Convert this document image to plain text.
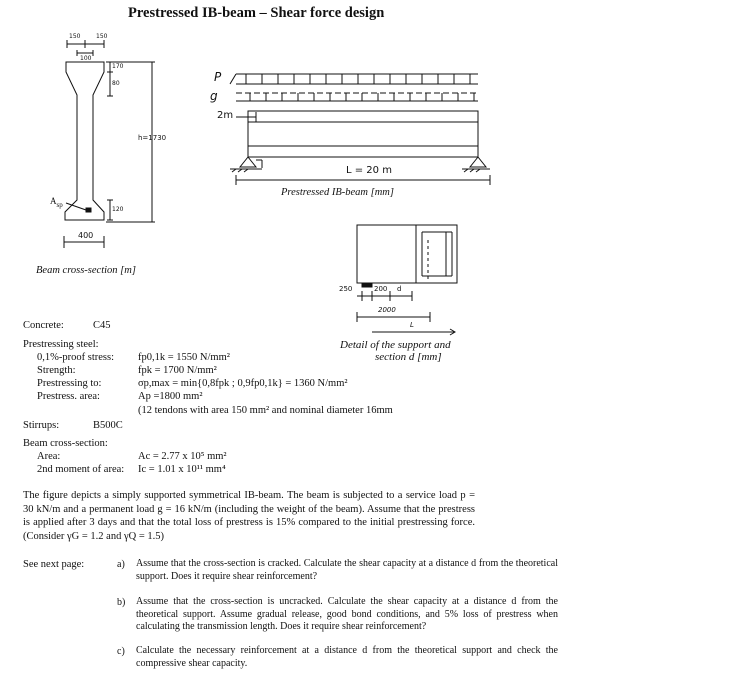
Prestressed IB-beam – Shear force design
150	150
100
170
80
h=1730
120
400
$A_{sp}$
Beam cross-section [m]
P
g
2m
L = 20 m
Prestressed IB-beam [mm]
250	200 d
2000
L
Detail of the support and
section d [mm]
Concrete:	C45
Prestressing steel:
0,1%-proof stress: fp0,1k = 1550 N/mm²
Strength:	fpk = 1700 N/mm²
Prestressing to:	σp,max = min{0,8fpk ; 0,9fp0,1k} = 1360 N/mm²
Prestress. area:	Ap =1800 mm²
(12 tendons with area 150 mm² and nominal diameter 16mm
Stirrups:	B500C
Beam cross-section:
Area:	Ac = 2.77 x 10⁵ mm²
2nd moment of area: Ic = 1.01 x 10¹¹ mm⁴
The figure depicts a simply supported symmetrical IB-beam. The beam is subjected to a service load p = 30 kN/m and a permanent load g = 16 kN/m (including the weight of the beam). Assume that the prestress is applied after 3 days and that the total loss of prestress is 15% compared to the initial prestressing force. (Consider γG = 1.2 and γQ = 1.5)
See next page:	a) Assume that the cross-section is cracked. Calculate the shear capacity at a distance d from the theoretical support. Does it require shear reinforcement?
b) Assume that the cross-section is uncracked. Calculate the shear capacity at a distance d from the theoretical support. Assume gradual release, good bond conditions, and 5% loss of prestress when calculating the transmission length. Does it require shear reinforcement?
c) Calculate the necessary reinforcement at a distance d from the theoretical support and check the compressive shear capacity.
